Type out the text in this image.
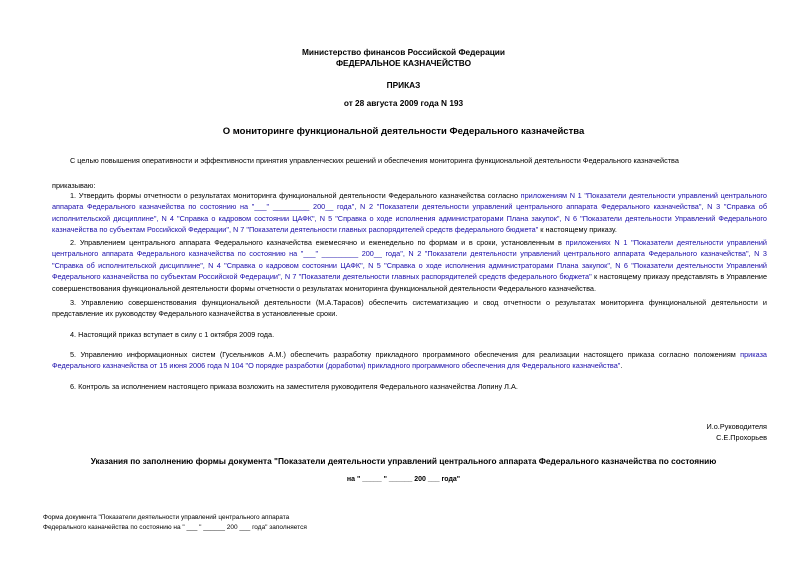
Министерство финансов Российской Федерации
ФЕДЕРАЛЬНОЕ КАЗНАЧЕЙСТВО
ПРИКАЗ
от 28 августа 2009 года N 193
О мониторинге функциональной деятельности Федерального казначейства
С целью повышения оперативности и эффективности принятия управленческих решений и обеспечения мониторинга функциональной деятельности Федерального казначейства
приказываю:
1. Утвердить формы отчетности о результатах мониторинга функциональной деятельности Федерального казначейства согласно приложениям N 1 "Показатели деятельности управлений центрального аппарата Федерального казначейства по состоянию на "___" _________ 200__ года", N 2 "Показатели деятельности управлений центрального аппарата Федерального казначейства", N 3 "Справка об исполнительской дисциплине", N 4 "Справка о кадровом состоянии ЦАФК", N 5 "Справка о ходе исполнения администраторами Плана закупок", N 6 "Показатели деятельности Управлений Федерального казначейства по субъектам Российской Федерации", N 7 "Показатели деятельности главных распорядителей средств федерального бюджета" к настоящему приказу.
2. Управлением центрального аппарата Федерального казначейства ежемесячно и еженедельно по формам и в сроки, установленным в приложениях N 1 "Показатели деятельности управлений центрального аппарата Федерального казначейства по состоянию на "___" _________ 200__ года", N 2 "Показатели деятельности управлений центрального аппарата Федерального казначейства", N 3 "Справка об исполнительской дисциплине", N 4 "Справка о кадровом состоянии ЦАФК", N 5 "Справка о ходе исполнения администраторами Плана закупок", N 6 "Показатели деятельности Управлений Федерального казначейства по субъектам Российской Федерации", N 7 "Показатели деятельности главных распорядителей средств федерального бюджета" к настоящему приказу представлять в Управление совершенствования функциональной деятельности формы отчетности о результатах мониторинга функциональной деятельности Федерального казначейства.
3. Управлению совершенствования функциональной деятельности (М.А.Тарасов) обеспечить систематизацию и свод отчетности о результатах мониторинга функциональной деятельности и представление их руководству Федерального казначейства в установленные сроки.
4. Настоящий приказ вступает в силу с 1 октября 2009 года.
5. Управлению информационных систем (Гусельников А.М.) обеспечить разработку прикладного программного обеспечения для реализации настоящего приказа согласно положениям приказа Федерального казначейства от 15 июня 2006 года N 104 "О порядке разработки (доработки) прикладного программного обеспечения для Федерального казначейства".
6. Контроль за исполнением настоящего приказа возложить на заместителя руководителя Федерального казначейства Лопину Л.А.
И.о.Руководителя
С.Е.Прохорьев
Указания по заполнению формы документа "Показатели деятельности управлений центрального аппарата Федерального казначейства по состоянию
на " _____ " ______ 200 ___ года"
Форма документа "Показатели деятельности управлений центрального аппарата
Федерального казначейства по состоянию на " ___ " ______ 200 ___ года" заполняется
